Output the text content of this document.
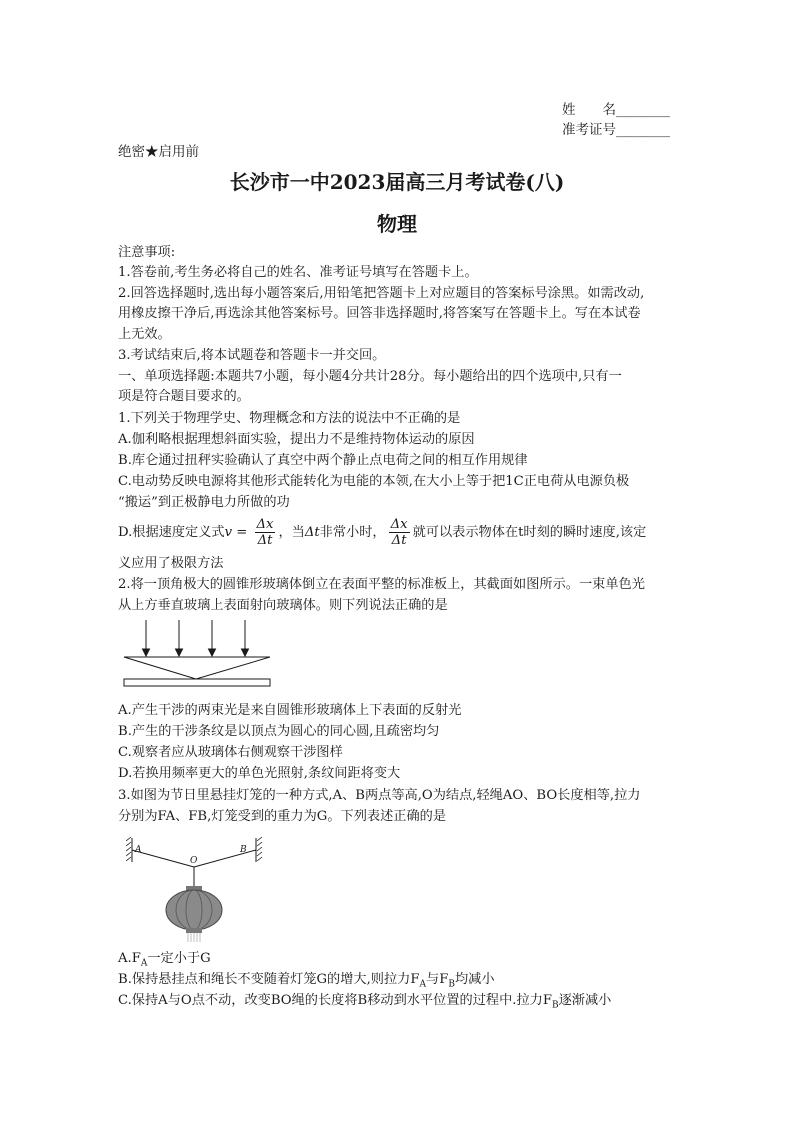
姓　　名________
准考证号________
绝密★启用前
长沙市一中2023届高三月考试卷(八)
物理
注意事项:
1.答卷前,考生务必将自己的姓名、准考证号填写在答题卡上。
2.回答选择题时,选出每小题答案后,用铅笔把答题卡上对应题目的答案标号涂黑。如需改动,
用橡皮擦干净后,再选涂其他答案标号。回答非选择题时,将答案写在答题卡上。写在本试卷
上无效。
3.考试结束后,将本试题卷和答题卡一并交回。
一、单项选择题:本题共7小题，每小题4分共计28分。每小题给出的四个选项中,只有一
项是符合题目要求的。
1.下列关于物理学史、物理概念和方法的说法中不正确的是
A.伽利略根据理想斜面实验，提出力不是维持物体运动的原因
B.库仑通过扭秤实验确认了真空中两个静止点电荷之间的相互作用规律
C.电动势反映电源将其他形式能转化为电能的本领,在大小上等于把1C正电荷从电源负极
“搬运”到正极静电力所做的功
D.根据速度定义式$v = \frac{\Delta x}{\Delta t}$ ，当Δt非常小时， $\frac{\Delta x}{\Delta t}$ 就可以表示物体在t时刻的瞬时速度,该定
义应用了极限方法
2.将一顶角极大的圆锥形玻璃体倒立在表面平整的标准板上，其截面如图所示。一束单色光
从上方垂直玻璃上表面射向玻璃体。则下列说法正确的是
A.产生干涉的两束光是来自圆锥形玻璃体上下表面的反射光
B.产生的干涉条纹是以顶点为圆心的同心圆,且疏密均匀
C.观察者应从玻璃体右侧观察干涉图样
D.若换用频率更大的单色光照射,条纹间距将变大
3.如图为节日里悬挂灯笼的一种方式,A、B两点等高,O为结点,轻绳AO、BO长度相等,拉力
分别为FA、FB,灯笼受到的重力为G。下列表述正确的是
A
O
B
$A.F_A$一定小于G
B.保持悬挂点和绳长不变随着灯笼G的增大,则拉力$F_A$与$F_B$均减小
C.保持A与O点不动，改变BO绳的长度将B移动到水平位置的过程中.拉力$F_B$逐渐减小
